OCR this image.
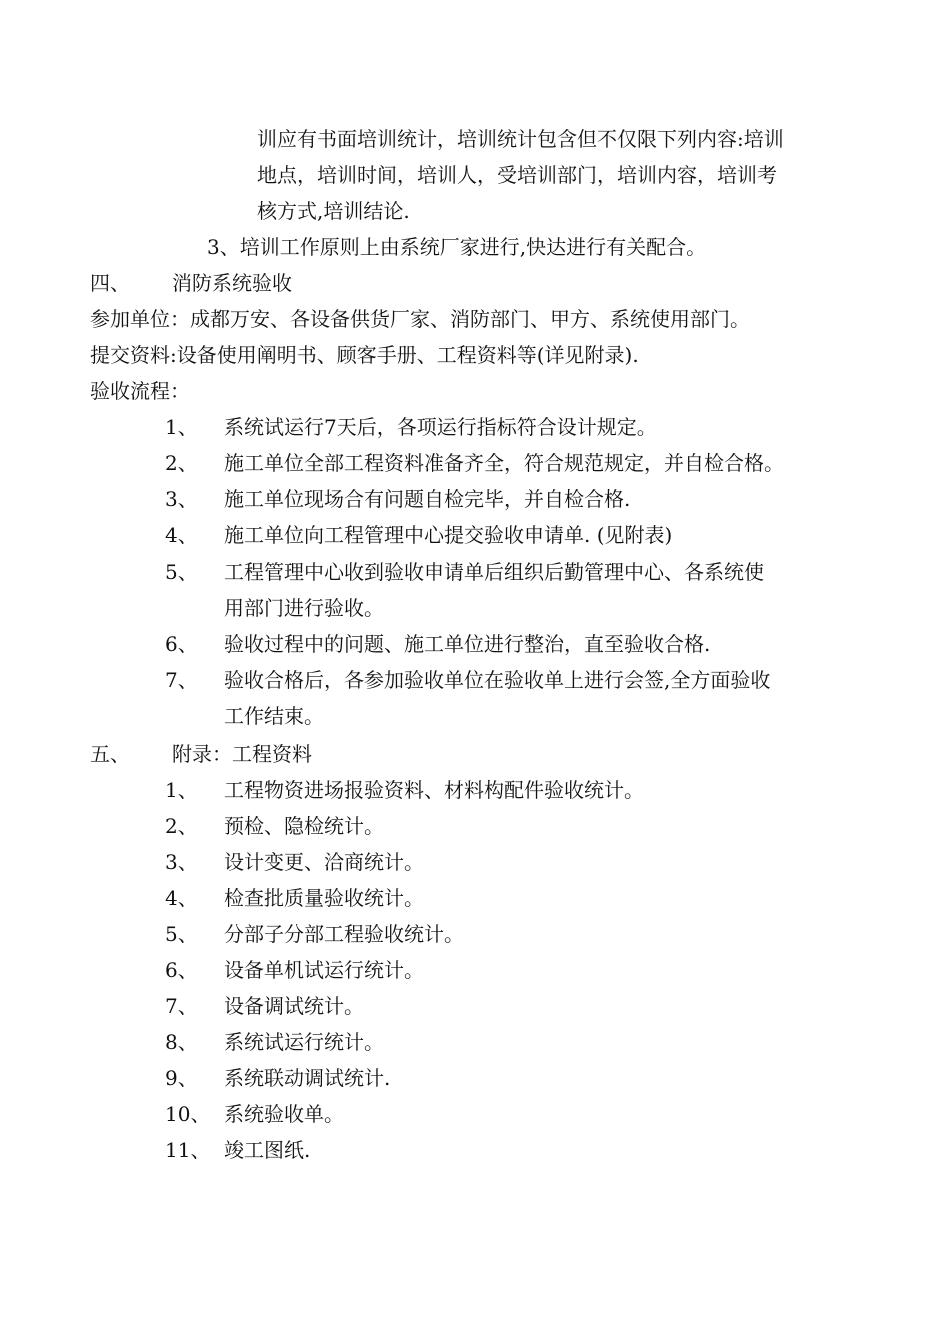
训应有书面培训统计，培训统计包含但不仅限下列内容:培训
地点，培训时间，培训人，受培训部门，培训内容，培训考
核方式,培训结论.
3、培训工作原则上由系统厂家进行,快达进行有关配合。
四、 消防系统验收
参加单位：成都万安、各设备供货厂家、消防部门、甲方、系统使用部门。
提交资料:设备使用阐明书、顾客手册、工程资料等(详见附录).
验收流程：
1、 系统试运行7天后，各项运行指标符合设计规定。
2、 施工单位全部工程资料准备齐全，符合规范规定，并自检合格。
3、 施工单位现场合有问题自检完毕，并自检合格.
4、 施工单位向工程管理中心提交验收申请单. (见附表)
5、 工程管理中心收到验收申请单后组织后勤管理中心、各系统使
用部门进行验收。
6、 验收过程中的问题、施工单位进行整治，直至验收合格.
7、 验收合格后，各参加验收单位在验收单上进行会签,全方面验收
工作结束。
五、 附录：工程资料
1、 工程物资进场报验资料、材料构配件验收统计。
2、 预检、隐检统计。
3、 设计变更、洽商统计。
4、 检查批质量验收统计。
5、 分部子分部工程验收统计。
6、 设备单机试运行统计。
7、 设备调试统计。
8、 系统试运行统计。
9、 系统联动调试统计.
10、 系统验收单。
11、 竣工图纸.
